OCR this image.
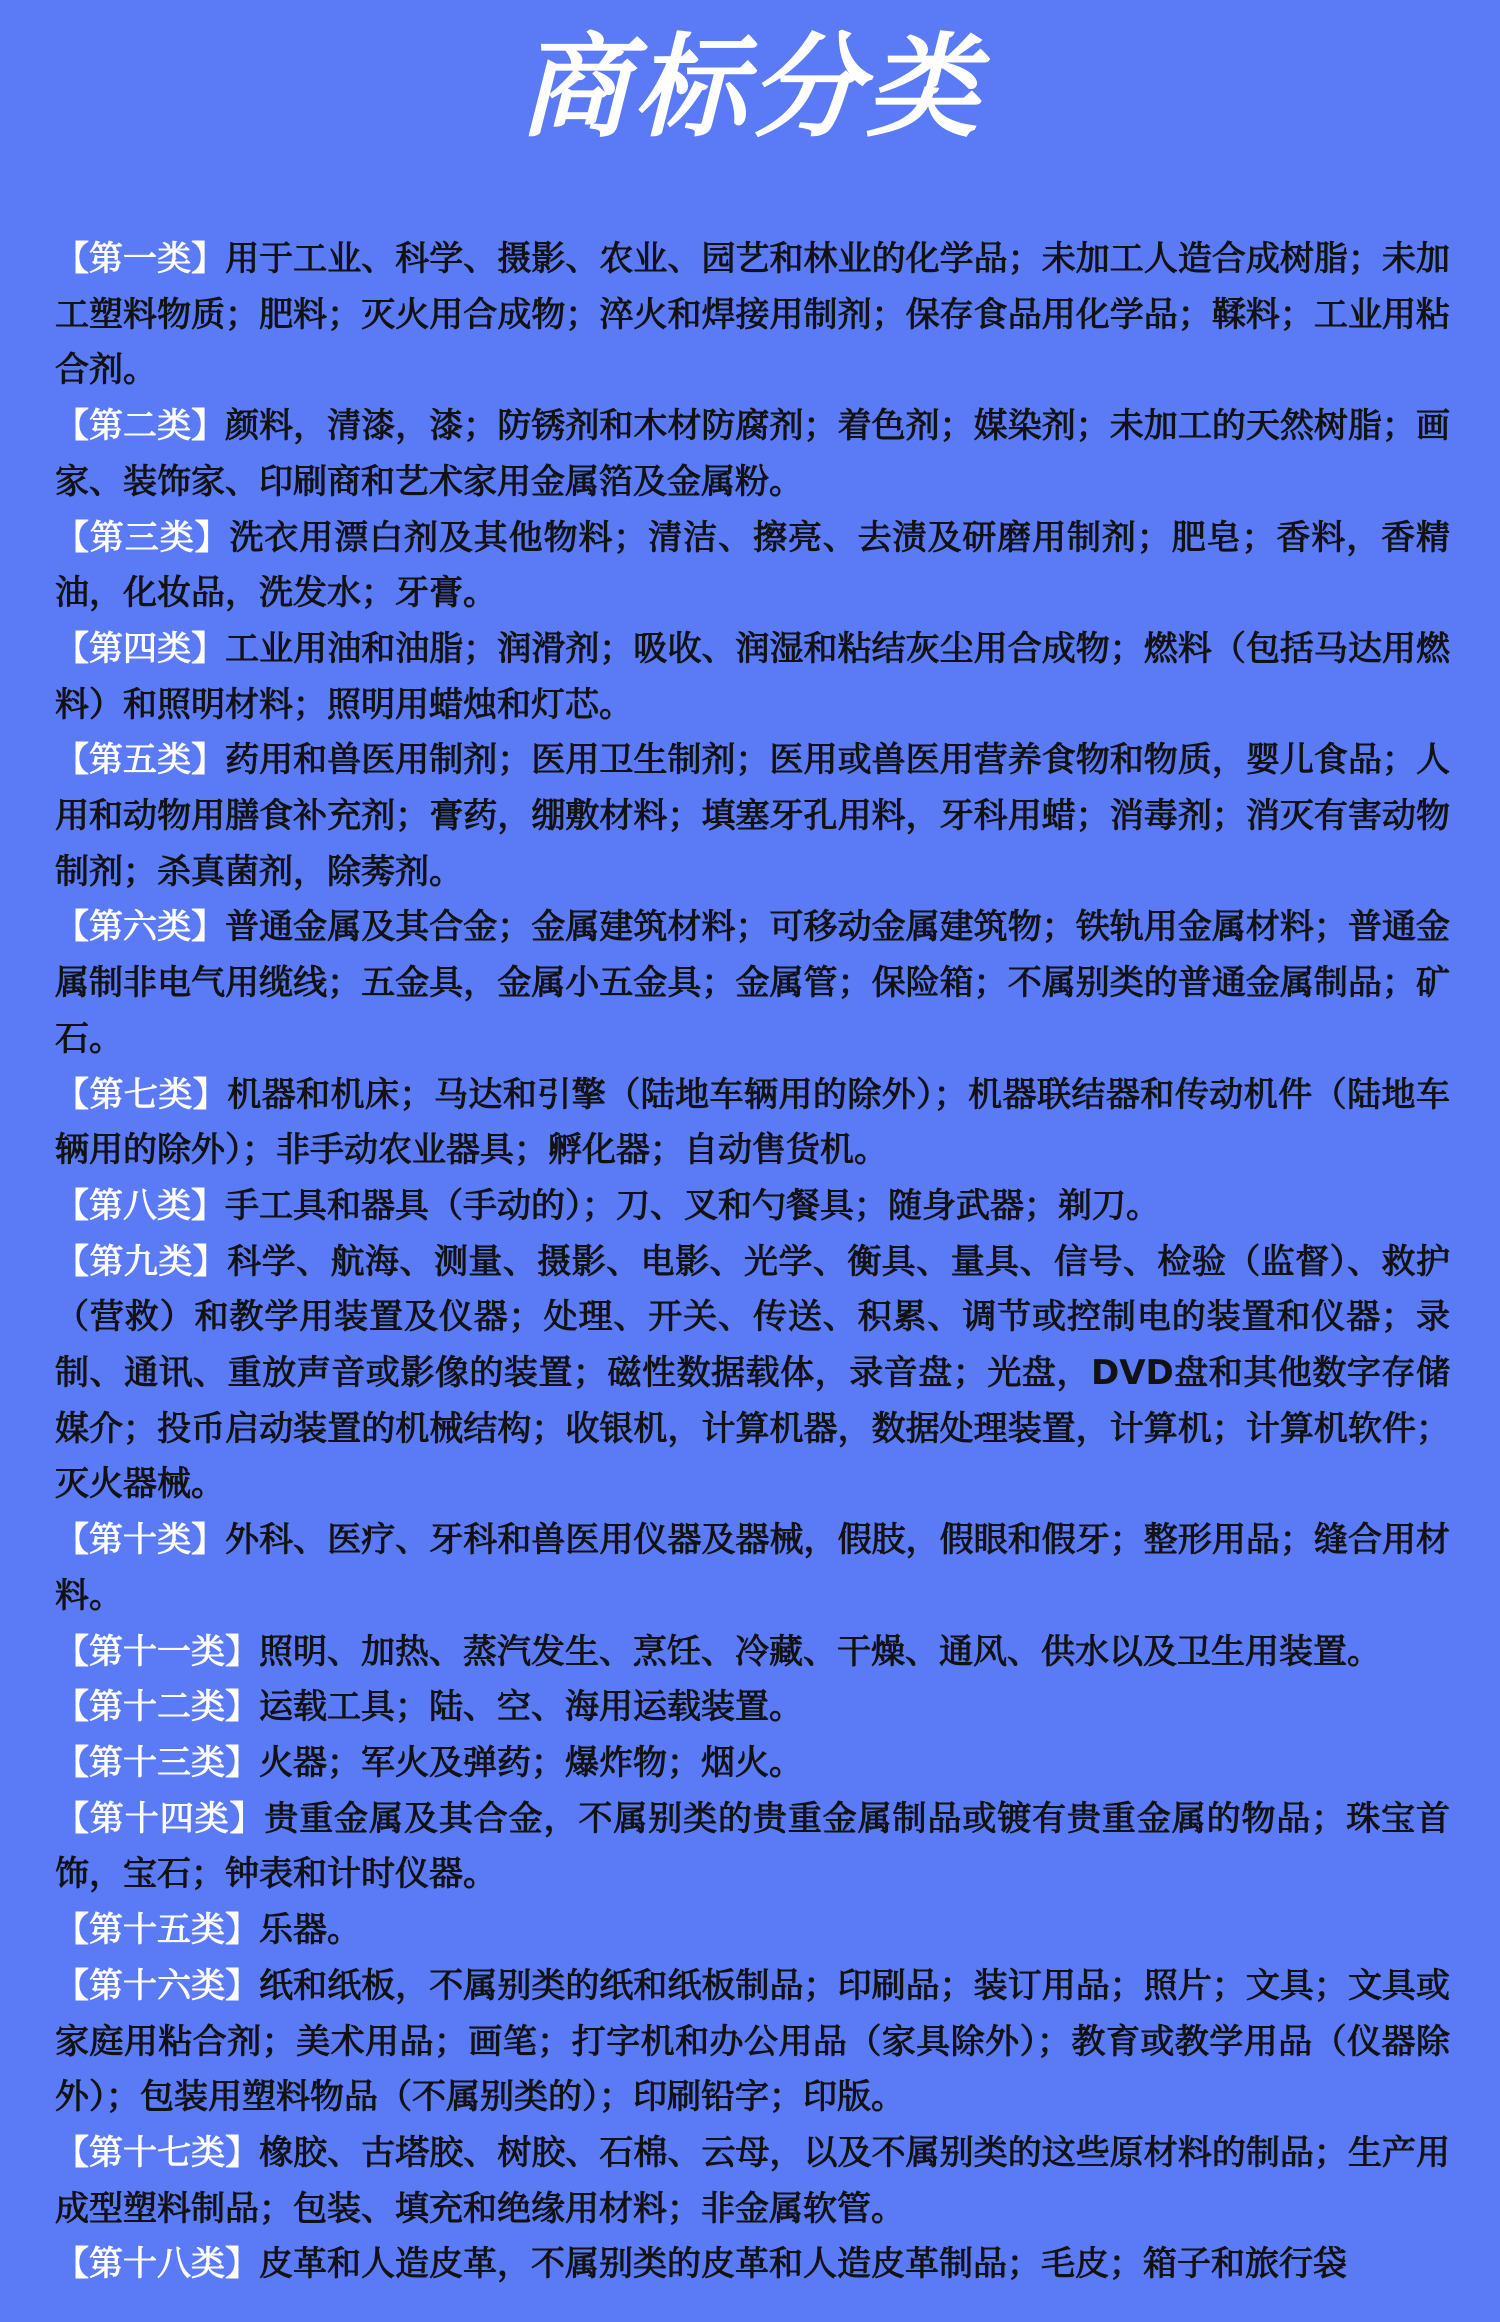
商标分类

【第一类】用于工业、科学、摄影、农业、园艺和林业的化学品；未加工人造合成树脂；未加工塑料物质；肥料；灭火用合成物；淬火和焊接用制剂；保存食品用化学品；鞣料；工业用粘合剂。

【第二类】颜料，清漆，漆；防锈剂和木材防腐剂；着色剂；媒染剂；未加工的天然树脂；画家、装饰家、印刷商和艺术家用金属箔及金属粉。

【第三类】洗衣用漂白剂及其他物料；清洁、擦亮、去渍及研磨用制剂；肥皂；香料，香精油，化妆品，洗发水；牙膏。

【第四类】工业用油和油脂；润滑剂；吸收、润湿和粘结灰尘用合成物；燃料（包括马达用燃料）和照明材料；照明用蜡烛和灯芯。

【第五类】药用和兽医用制剂；医用卫生制剂；医用或兽医用营养食物和物质，婴儿食品；人用和动物用膳食补充剂；膏药，绷敷材料；填塞牙孔用料，牙科用蜡；消毒剂；消灭有害动物制剂；杀真菌剂，除莠剂。

【第六类】普通金属及其合金；金属建筑材料；可移动金属建筑物；铁轨用金属材料；普通金属制非电气用缆线；五金具，金属小五金具；金属管；保险箱；不属别类的普通金属制品；矿石。

【第七类】机器和机床；马达和引擎（陆地车辆用的除外）；机器联结器和传动机件（陆地车辆用的除外）；非手动农业器具；孵化器；自动售货机。

【第八类】手工具和器具（手动的）；刀、叉和勺餐具；随身武器；剃刀。

【第九类】科学、航海、测量、摄影、电影、光学、衡具、量具、信号、检验（监督）、救护（营救）和教学用装置及仪器；处理、开关、传送、积累、调节或控制电的装置和仪器；录制、通讯、重放声音或影像的装置；磁性数据载体，录音盘；光盘，DVD盘和其他数字存储媒介；投币启动装置的机械结构；收银机，计算机器，数据处理装置，计算机；计算机软件；灭火器械。

【第十类】外科、医疗、牙科和兽医用仪器及器械，假肢，假眼和假牙；整形用品；缝合用材料。

【第十一类】照明、加热、蒸汽发生、烹饪、冷藏、干燥、通风、供水以及卫生用装置。

【第十二类】运载工具；陆、空、海用运载装置。

【第十三类】火器；军火及弹药；爆炸物；烟火。

【第十四类】贵重金属及其合金，不属别类的贵重金属制品或镀有贵重金属的物品；珠宝首饰，宝石；钟表和计时仪器。

【第十五类】乐器。

【第十六类】纸和纸板，不属别类的纸和纸板制品；印刷品；装订用品；照片；文具；文具或家庭用粘合剂；美术用品；画笔；打字机和办公用品（家具除外）；教育或教学用品（仪器除外）；包装用塑料物品（不属别类的）；印刷铅字；印版。

【第十七类】橡胶、古塔胶、树胶、石棉、云母，以及不属别类的这些原材料的制品；生产用成型塑料制品；包装、填充和绝缘用材料；非金属软管。

【第十八类】皮革和人造皮革，不属别类的皮革和人造皮革制品；毛皮；箱子和旅行袋
